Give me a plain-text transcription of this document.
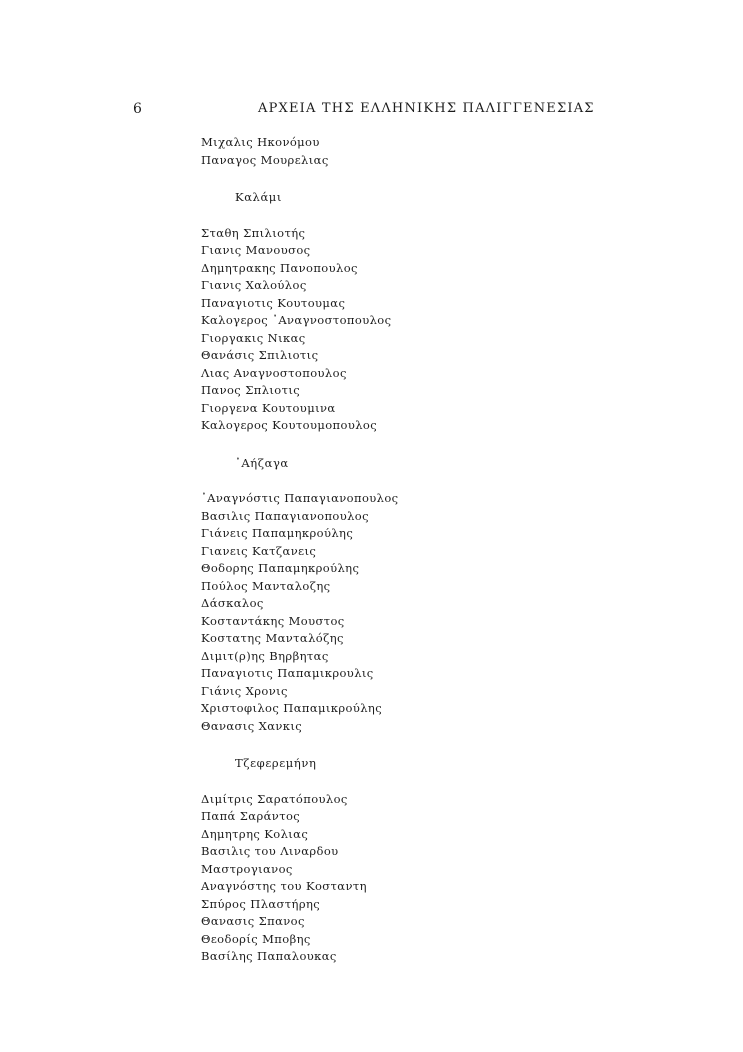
6	ΑΡΧΕΙΑ ΤΗΣ ΕΛΛΗΝΙΚΗΣ ΠΑΛΙΓΓΕΝΕΣΙΑΣ
Μιχαλις Ηκονόμου
Παναγος Μουρελιας
Καλάμι
Σταθη Σπιλιοτής
Γιανις Μανουσος
Δημητρακης Πανοπουλος
Γιανις Χαλούλος
Παναγιοτις Κουτουμας
Καλογερος ᾿Αναγνοστοπουλος
Γιοργακις Νικας
Θανάσις Σπιλιοτις
Λιας Αναγνοστοπουλος
Πανος Σπλιοτις
Γιοργενα Κουτουμινα
Καλογερος Κουτουμοπουλος
᾿Αήζαγα
᾿Αναγνόστις Παπαγιανοπουλος
Βασιλις Παπαγιανοπουλος
Γιάνεις Παπαμηκρούλης
Γιανεις Κατζανεις
Θοδορης Παπαμηκρούλης
Πούλος Μανταλοζης
Δάσκαλος
Κοσταντάκης Μουστος
Κοστατης Μανταλόζης
Διμιτ(ρ)ης Βηρβητας
Παναγιοτις Παπαμικρουλις
Γιάνις Χρονις
Χριστοφιλος Παπαμικρούλης
Θανασις Χανκις
Τζεφερεμήνη
Διμίτρις Σαρατόπουλος
Παπά Σαράντος
Δημητρης Κολιας
Βασιλις του Λιναρδου
Μαστρογιανος
Αναγνόστης του Κοσταντη
Σπύρος Πλαστήρης
Θανασις Σπανος
Θεοδορίς Μποβης
Βασίλης Παπαλουκας
